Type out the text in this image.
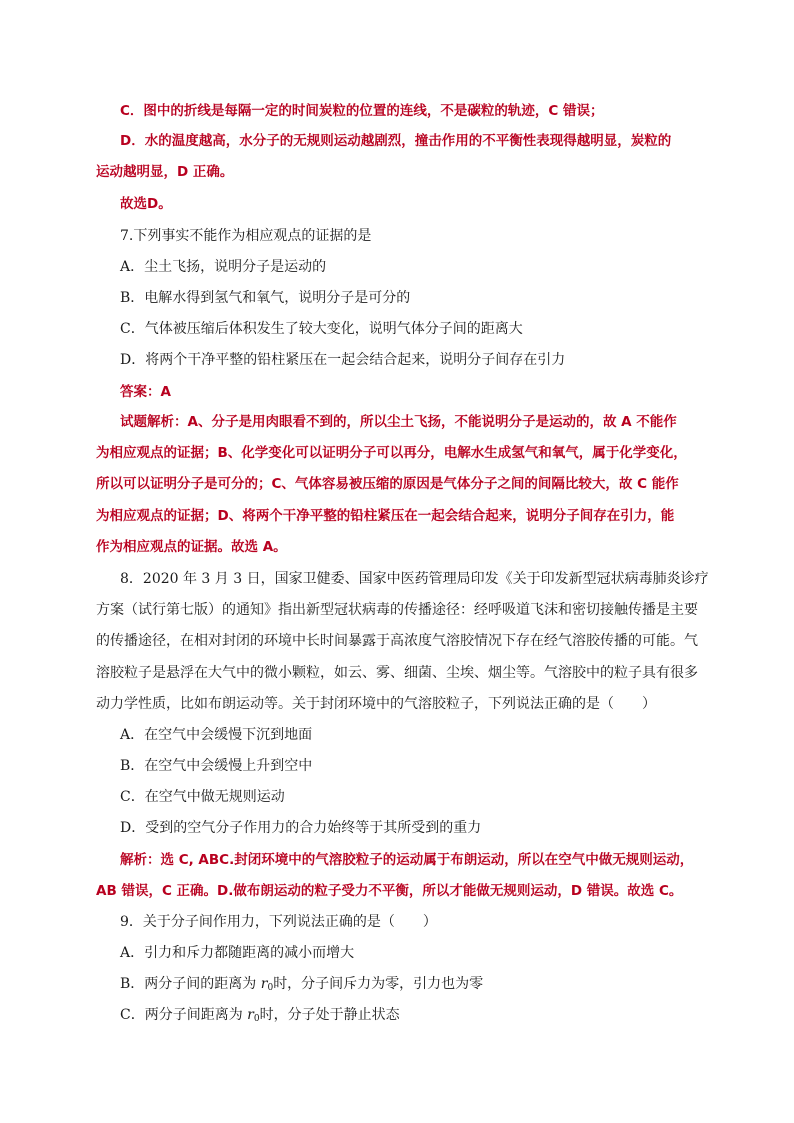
C．图中的折线是每隔一定的时间炭粒的位置的连线，不是碳粒的轨迹，C 错误；
D．水的温度越高，水分子的无规则运动越剧烈，撞击作用的不平衡性表现得越明显，炭粒的
运动越明显，D 正确。
故选D。
7.下列事实不能作为相应观点的证据的是
A．尘土飞扬，说明分子是运动的
B．电解水得到氢气和氧气，说明分子是可分的
C．气体被压缩后体积发生了较大变化，说明气体分子间的距离大
D．将两个干净平整的铅柱紧压在一起会结合起来，说明分子间存在引力
答案：A
试题解析：A、分子是用肉眼看不到的，所以尘土飞扬，不能说明分子是运动的，故 A 不能作
为相应观点的证据；B、化学变化可以证明分子可以再分，电解水生成氢气和氧气，属于化学变化，
所以可以证明分子是可分的；C、气体容易被压缩的原因是气体分子之间的间隔比较大，故 C 能作
为相应观点的证据；D、将两个干净平整的铅柱紧压在一起会结合起来，说明分子间存在引力，能
作为相应观点的证据。故选 A。
8．2020 年 3 月 3 日，国家卫健委、国家中医药管理局印发《关于印发新型冠状病毒肺炎诊疗
方案（试行第七版）的通知》指出新型冠状病毒的传播途径：经呼吸道飞沫和密切接触传播是主要
的传播途径，在相对封闭的环境中长时间暴露于高浓度气溶胶情况下存在经气溶胶传播的可能。气
溶胶粒子是悬浮在大气中的微小颗粒，如云、雾、细菌、尘埃、烟尘等。气溶胶中的粒子具有很多
动力学性质，比如布朗运动等。关于封闭环境中的气溶胶粒子，下列说法正确的是（　　）
A．在空气中会缓慢下沉到地面
B．在空气中会缓慢上升到空中
C．在空气中做无规则运动
D．受到的空气分子作用力的合力始终等于其所受到的重力
解析：选 C, ABC.封闭环境中的气溶胶粒子的运动属于布朗运动，所以在空气中做无规则运动，
AB 错误，C 正确。D.做布朗运动的粒子受力不平衡，所以才能做无规则运动，D 错误。故选 C。
9．关于分子间作用力，下列说法正确的是（　　）
A．引力和斥力都随距离的减小而增大
B．两分子间的距离为 r0时，分子间斥力为零，引力也为零
C．两分子间距离为 r0时，分子处于静止状态
